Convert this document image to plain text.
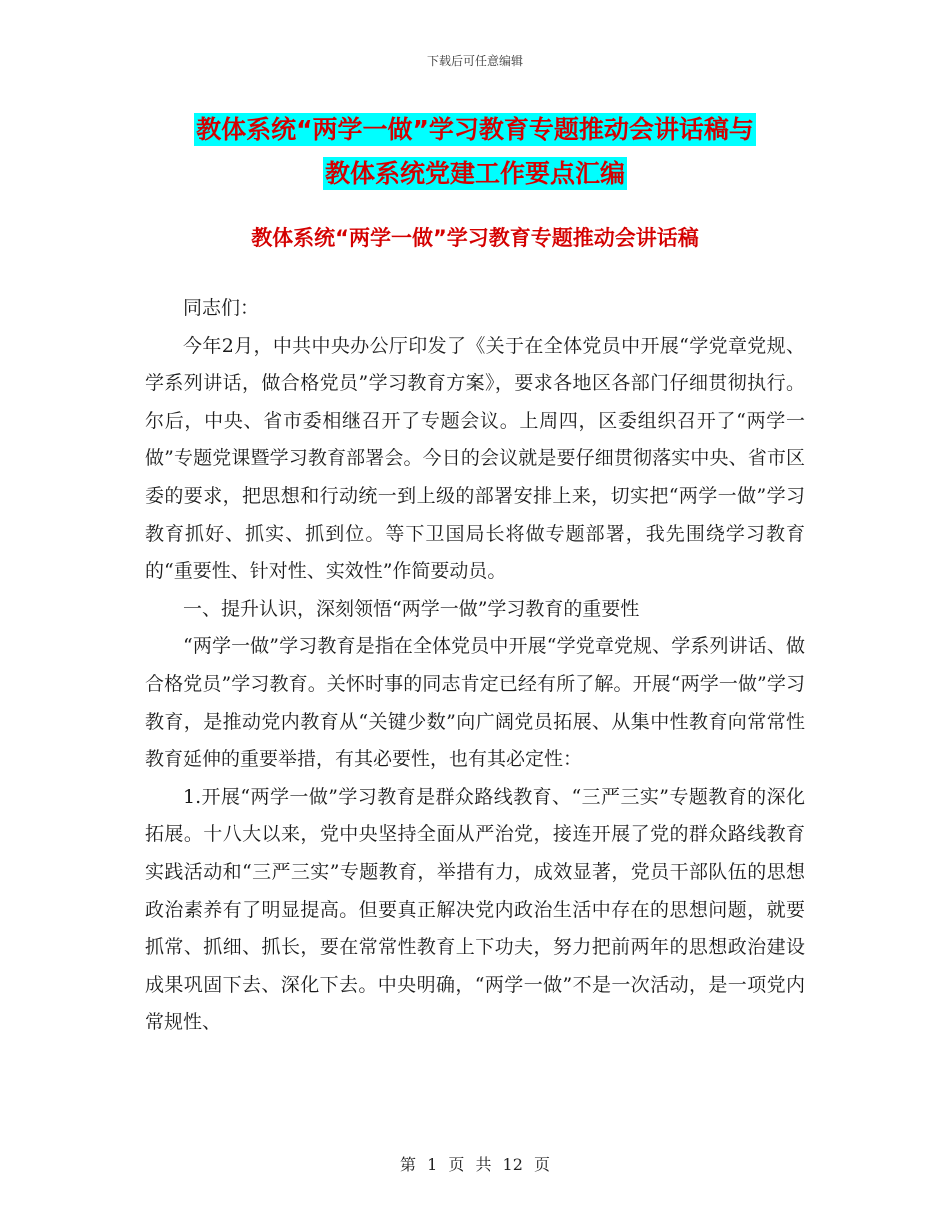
下载后可任意编辑
教体系统“两学一做”学习教育专题推动会讲话稿与
教体系统党建工作要点汇编
教体系统“两学一做”学习教育专题推动会讲话稿

同志们：

今年2月，中共中央办公厅印发了《关于在全体党员中开展“学党章党规、学系列讲话，做合格党员”学习教育方案》，要求各地区各部门仔细贯彻执行。尔后，中央、省市委相继召开了专题会议。上周四，区委组织召开了“两学一做”专题党课暨学习教育部署会。今日的会议就是要仔细贯彻落实中央、省市区委的要求，把思想和行动统一到上级的部署安排上来，切实把“两学一做”学习教育抓好、抓实、抓到位。等下卫国局长将做专题部署，我先围绕学习教育的“重要性、针对性、实效性”作简要动员。

一、提升认识，深刻领悟“两学一做”学习教育的重要性

“两学一做”学习教育是指在全体党员中开展“学党章党规、学系列讲话、做合格党员”学习教育。关怀时事的同志肯定已经有所了解。开展“两学一做”学习教育，是推动党内教育从“关键少数”向广阔党员拓展、从集中性教育向常常性教育延伸的重要举措，有其必要性，也有其必定性：

1.开展“两学一做”学习教育是群众路线教育、“三严三实”专题教育的深化拓展。十八大以来，党中央坚持全面从严治党，接连开展了党的群众路线教育实践活动和“三严三实”专题教育，举措有力，成效显著，党员干部队伍的思想政治素养有了明显提高。但要真正解决党内政治生活中存在的思想问题，就要抓常、抓细、抓长，要在常常性教育上下功夫，努力把前两年的思想政治建设成果巩固下去、深化下去。中央明确，“两学一做”不是一次活动，是一项党内常规性、

第 1 页 共 12 页
